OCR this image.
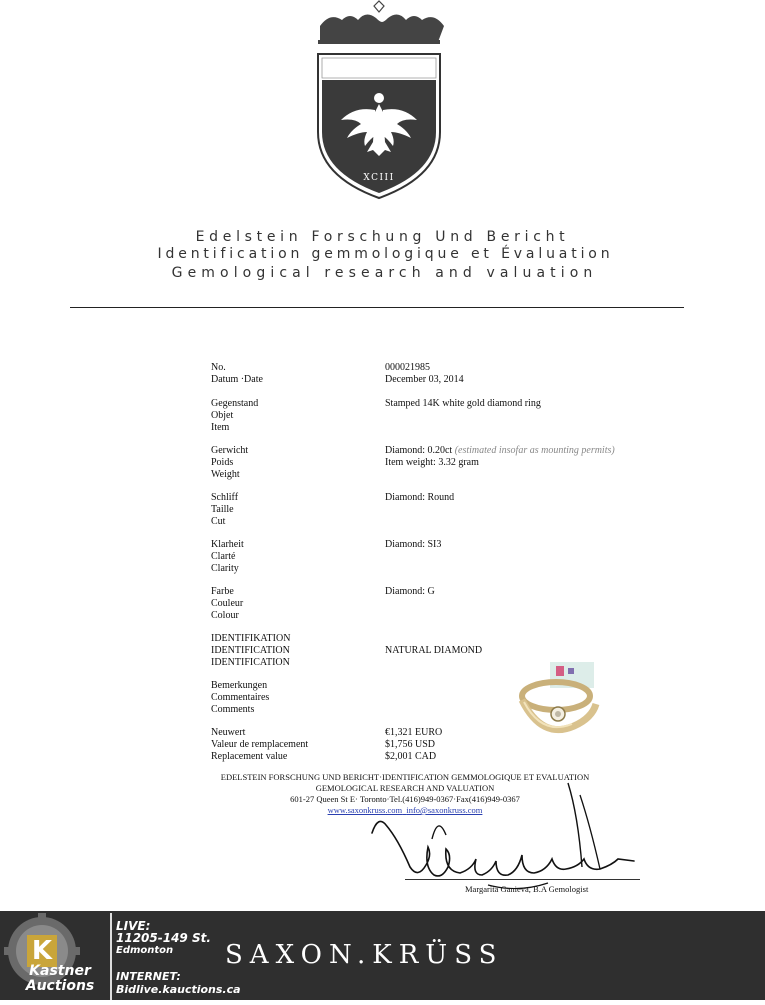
XCIII
Edelstein Forschung Und Bericht
Identification gemmologique et Évaluation
Gemological research and valuation
No.	000021985
Datum ·Date	December 03, 2014
Gegenstand
Objet
Item
Stamped 14K white gold diamond ring
Gerwicht
Poids
Weight
Diamond: 0.20ct (estimated insofar as mounting permits)
Item weight: 3.32 gram
Schliff
Taille
Cut
Diamond: Round
Klarheit
Clarté
Clarity
Diamond: SI3
Farbe
Couleur
Colour
Diamond: G
IDENTIFIKATION
IDENTIFICATION
IDENTIFICATION
NATURAL DIAMOND
Bemerkungen
Commentaires
Comments
Neuwert
Valeur de remplacement
Replacement value
€1,321 EURO
$1,756 USD
$2,001 CAD
EDELSTEIN FORSCHUNG UND BERICHT·IDENTIFICATION GEMMOLOGIQUE ET EVALUATION
GEMOLOGICAL RESEARCH AND VALUATION
601-27 Queen St E· Toronto·Tel.(416)949-0367·Fax(416)949-0367
www.saxonkruss.com info@saxonkruss.com
Margarita Ganieva, B.A Gemologist
K
Kastner
Auctions
LIVE:
11205-149 St.
Edmonton
INTERNET:
Bidlive.kauctions.ca
SAXON.KRÜSS
